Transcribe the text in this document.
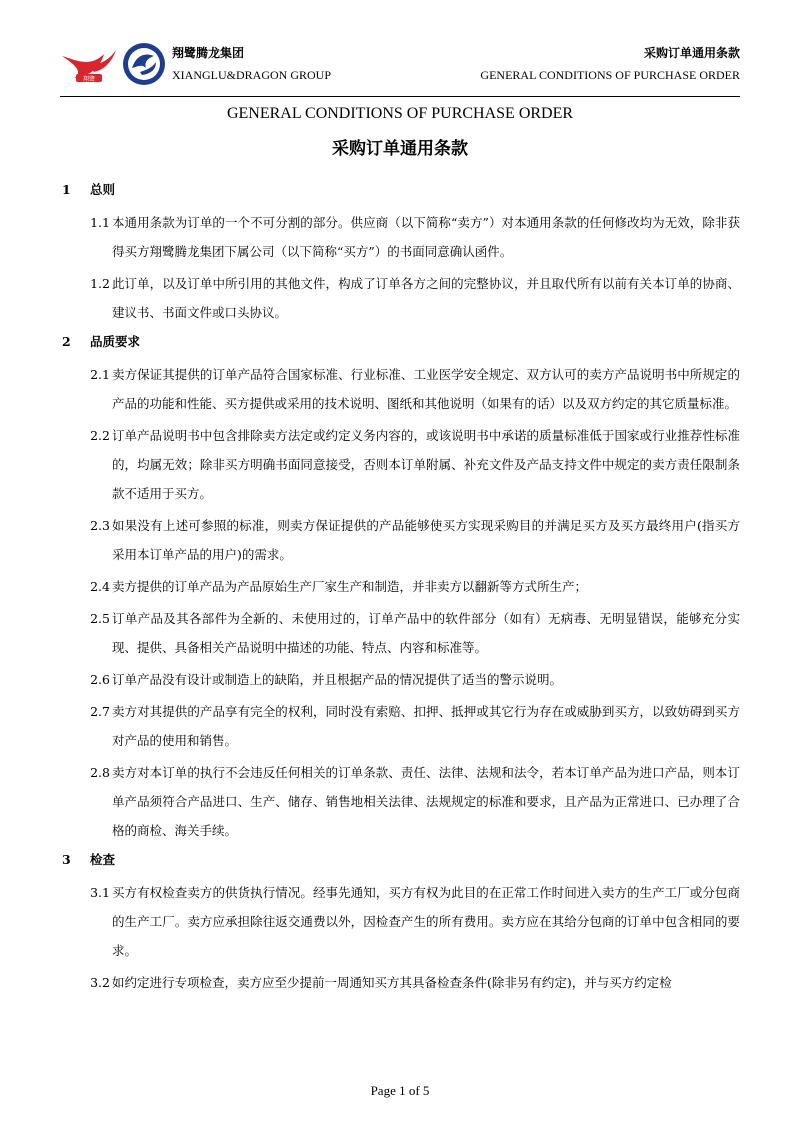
翔鹭
翔鹭腾龙集团
XIANGLU&DRAGON GROUP
采购订单通用条款
GENERAL CONDITIONS OF PURCHASE ORDER
GENERAL CONDITIONS OF PURCHASE ORDER
采购订单通用条款
1	总则
1.1 本通用条款为订单的一个不可分割的部分。供应商（以下简称“卖方”）对本通用条款的任何修改均为无效，除非获得买方翔鹭腾龙集团下属公司（以下简称“买方”）的书面同意确认函件。
1.2 此订单，以及订单中所引用的其他文件，构成了订单各方之间的完整协议，并且取代所有以前有关本订单的协商、建议书、书面文件或口头协议。
2	品质要求
2.1 卖方保证其提供的订单产品符合国家标准、行业标准、工业医学安全规定、双方认可的卖方产品说明书中所规定的产品的功能和性能、买方提供或采用的技术说明、图纸和其他说明（如果有的话）以及双方约定的其它质量标准。
2.2 订单产品说明书中包含排除卖方法定或约定义务内容的，或该说明书中承诺的质量标准低于国家或行业推荐性标准的，均属无效；除非买方明确书面同意接受，否则本订单附属、补充文件及产品支持文件中规定的卖方责任限制条款不适用于买方。
2.3 如果没有上述可参照的标准，则卖方保证提供的产品能够使买方实现采购目的并满足买方及买方最终用户(指买方采用本订单产品的用户)的需求。
2.4 卖方提供的订单产品为产品原始生产厂家生产和制造，并非卖方以翻新等方式所生产；
2.5 订单产品及其各部件为全新的、未使用过的，订单产品中的软件部分（如有）无病毒、无明显错误，能够充分实现、提供、具备相关产品说明中描述的功能、特点、内容和标准等。
2.6 订单产品没有设计或制造上的缺陷，并且根据产品的情况提供了适当的警示说明。
2.7 卖方对其提供的产品享有完全的权利，同时没有索赔、扣押、抵押或其它行为存在或威胁到买方，以致妨碍到买方对产品的使用和销售。
2.8 卖方对本订单的执行不会违反任何相关的订单条款、责任、法律、法规和法令，若本订单产品为进口产品，则本订单产品须符合产品进口、生产、储存、销售地相关法律、法规规定的标准和要求，且产品为正常进口、已办理了合格的商检、海关手续。
3	检查
3.1 买方有权检查卖方的供货执行情况。经事先通知，买方有权为此目的在正常工作时间进入卖方的生产工厂或分包商的生产工厂。卖方应承担除往返交通费以外，因检查产生的所有费用。卖方应在其给分包商的订单中包含相同的要求。
3.2 如约定进行专项检查，卖方应至少提前一周通知买方其具备检查条件(除非另有约定)，并与买方约定检
Page 1 of 5
